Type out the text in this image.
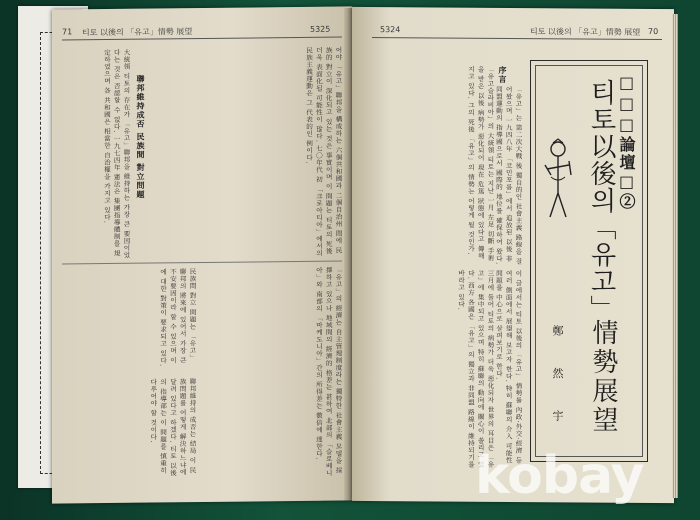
71 티토 以後의 「유고」情勢 展望	5325
어야 「유고」聯邦을 構成하는 六個共和國과 二個自治州 間에 民族的 對立이 深化되고 있는 것은 事實이며 이 問題는 티토의 死後 더욱 表面化될 可能性이 많다. 七〇年代 初 「크로아티아」에서의 民族主義運動은 그 代表的인 例이다.
大統領 티토의 存在가 「유고」聯邦을 維持하는 가장 큰 要因이었다는 것은 否認할 수 없다. 一九七四年 憲法은 集團指導體制를 規定하였으며 各 共和國은 相當한 自治權을 가지고 있다.	聯邦維持成否 民族間 對立問題
「유고」의 經濟는 自主管理制度라는 獨特한 社會主義 모델을 採擇하고 있으나 地域間의 經濟的 格差는 甚하여 北部의 「슬로베니아」와 南部의 「마케도니아」간의 所得差는 數倍에 達한다.
民族間 對立 問題는 「유고」 聯邦의 將來에 있어서 가장 큰 不安要因이라 할 수 있으며 이에 대한 對策이 要求되고 있다.
聯邦維持의 成否는 結局 이 民族問題를 어떻게 解決하느냐에 달려 있다고 하겠다. 티토 以後의 指導部는 이 問題를 慎重히 다루어야 할 것이다.
5324	티토 以後의 「유고」情勢 展望 70
序言
「유고슬라비아」의 大統領 티토는 지난 一月 左足 切斷 手術을 받은 以後 病勢가 惡化되어 現在 危篤 狀態에 있다고 傳해지고 있다. 그의 死後 「유고」의 情勢는 어떻게 될 것인가.
三月에 들어 티토의 病勢가 더욱 惡化되자 世界의 耳目은 「유고」에 集中되고 있으며 特히 蘇聯의 動向에 關心이 쏠리고 있다. 西方 各國은 「유고」의 獨立과 非同盟 路線이 維持되기를 바라고 있다.
「유고」는 第二次大戰 後 獨自的인 社會主義 路線을 걸어왔으며 一九四八年 「코민포름」에서 追放된 以後 非同盟運動의 指導國으로서 國際的 地位를 確保하여 왔다.
이 글에서는 티토 以後의 「유고」 情勢를 內政·外交·經濟 등 여러 側面에서 展望해 보고자 한다. 特히 蘇聯의 介入 可能性 問題를 中心으로 살펴보기로 한다.
□□□論壇□②
티토以後의「유고」
情勢展望
鄭 然 宇
kobay
